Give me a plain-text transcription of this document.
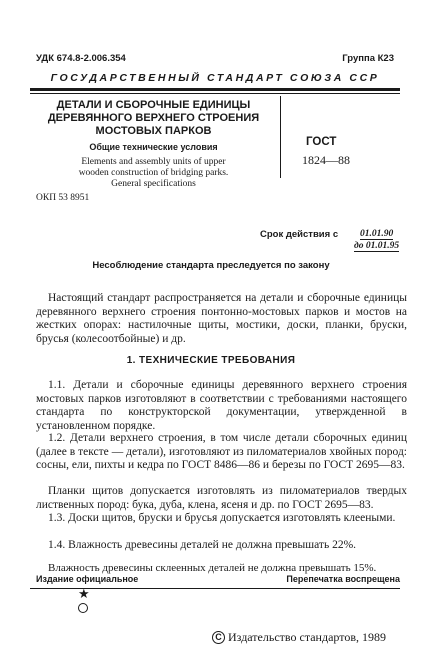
УДК 674.8-2.006.354	Группа К23
ГОСУДАРСТВЕННЫЙ СТАНДАРТ СОЮЗА ССР
ДЕТАЛИ И СБОРОЧНЫЕ ЕДИНИЦЫ
ДЕРЕВЯННОГО ВЕРХНЕГО СТРОЕНИЯ
МОСТОВЫХ ПАРКОВ
Общие технические условия
Elements and assembly units of upper
wooden construction of bridging parks.
General specifications
ГОСТ
1824—88
ОКП 53 8951
Срок действия с 01.01.90
до 01.01.95
Несоблюдение стандарта преследуется по закону
Настоящий стандарт распространяется на детали и сборочные единицы деревянного верхнего строения понтонно-мостовых парков и мостов на жестких опорах: настилочные щиты, мостики, доски, планки, бруски, брусья (колесоотбойные) и др.
1. ТЕХНИЧЕСКИЕ ТРЕБОВАНИЯ
1.1. Детали и сборочные единицы деревянного верхнего строения мостовых парков изготовляют в соответствии с требованиями настоящего стандарта по конструкторской документации, утвержденной в установленном порядке.
1.2. Детали верхнего строения, в том числе детали сборочных единиц (далее в тексте — детали), изготовляют из пиломатериалов хвойных пород: сосны, ели, пихты и кедра по ГОСТ 8486—86 и березы по ГОСТ 2695—83.
Планки щитов допускается изготовлять из пиломатериалов твердых лиственных пород: бука, дуба, клена, ясеня и др. по ГОСТ 2695—83.
1.3. Доски щитов, бруски и брусья допускается изготовлять клееными.
1.4. Влажность древесины деталей не должна превышать 22%.
Влажность древесины склеенных деталей не должна превышать 15%.
Издание официальное	Перепечатка воспрещена
★
С Издательство стандартов, 1989
